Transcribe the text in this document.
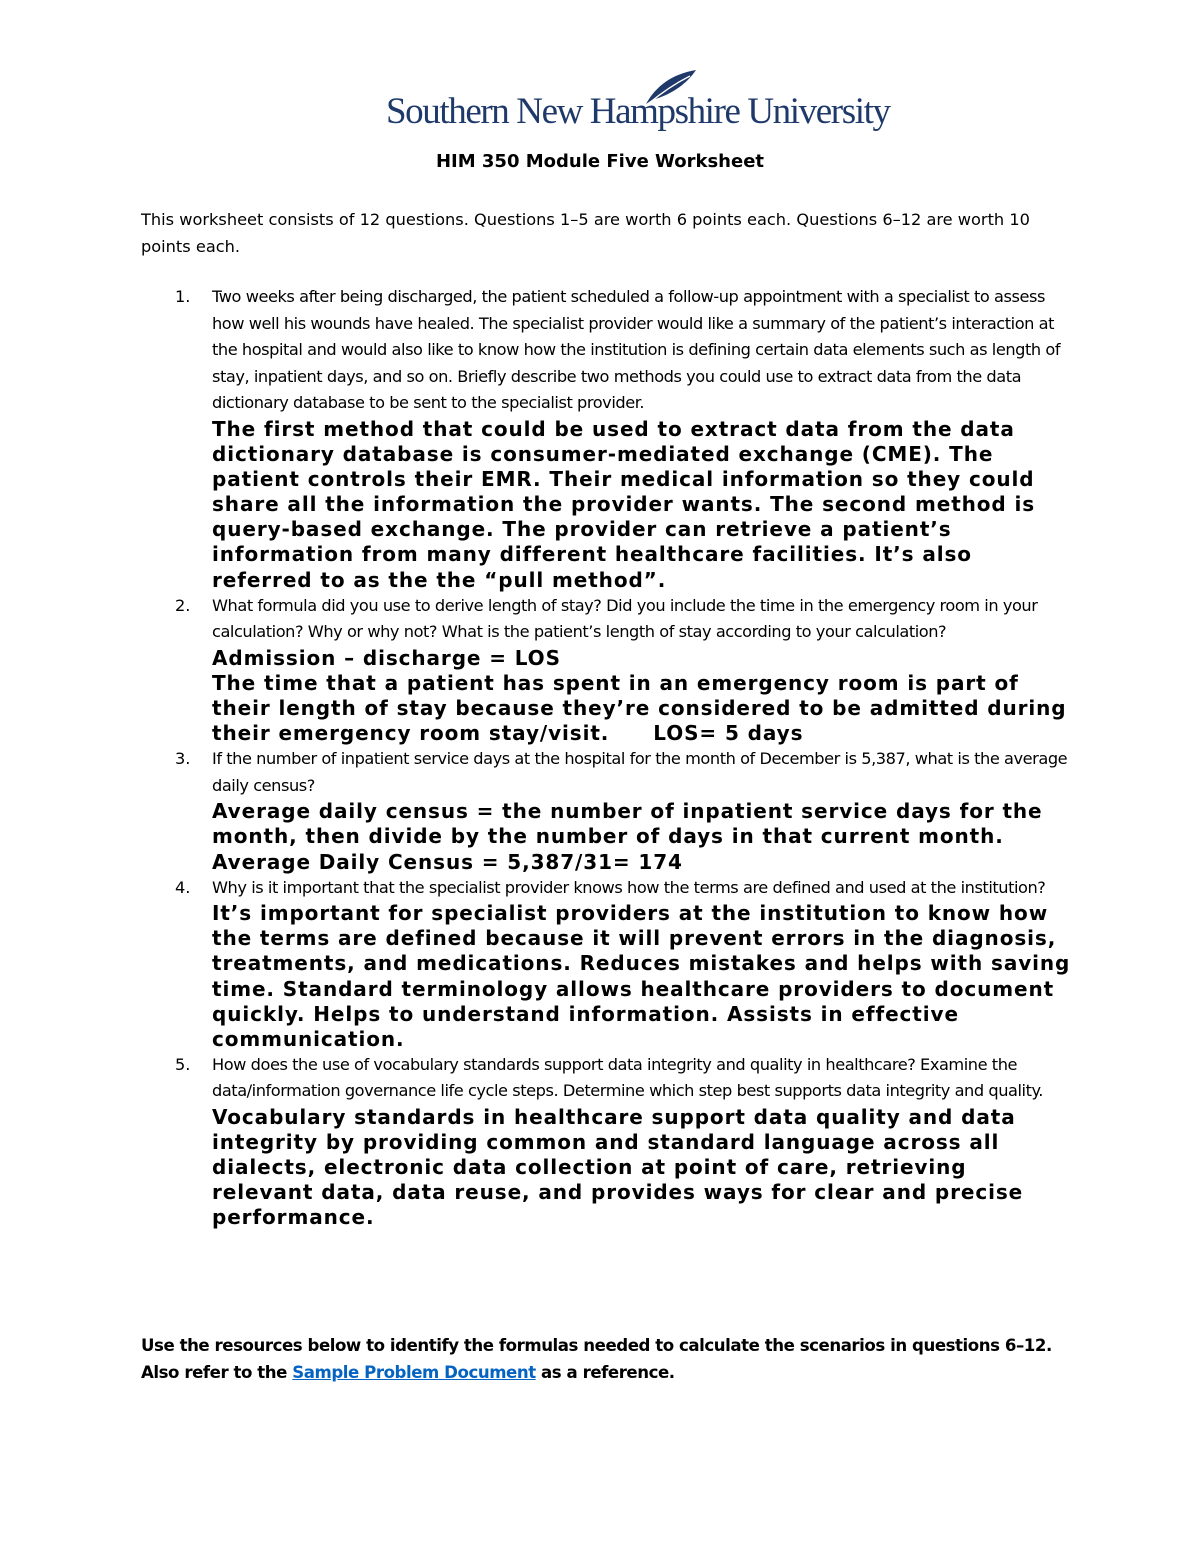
Southern New Hampshire University
HIM 350 Module Five Worksheet
This worksheet consists of 12 questions. Questions 1–5 are worth 6 points each. Questions 6–12 are worth 10 points each.
1. Two weeks after being discharged, the patient scheduled a follow-up appointment with a specialist to assess how well his wounds have healed. The specialist provider would like a summary of the patient’s interaction at the hospital and would also like to know how the institution is defining certain data elements such as length of stay, inpatient days, and so on. Briefly describe two methods you could use to extract data from the data dictionary database to be sent to the specialist provider.
The first method that could be used to extract data from the data dictionary database is consumer-mediated exchange (CME). The patient controls their EMR. Their medical information so they could share all the information the provider wants. The second method is query-based exchange. The provider can retrieve a patient’s information from many different healthcare facilities. It’s also referred to as the the “pull method”.
2. What formula did you use to derive length of stay? Did you include the time in the emergency room in your calculation? Why or why not? What is the patient’s length of stay according to your calculation?
Admission – discharge = LOS
The time that a patient has spent in an emergency room is part of their length of stay because they’re considered to be admitted during their emergency room stay/visit. LOS= 5 days
3. If the number of inpatient service days at the hospital for the month of December is 5,387, what is the average daily census?
Average daily census = the number of inpatient service days for the month, then divide by the number of days in that current month.
Average Daily Census = 5,387/31= 174
4. Why is it important that the specialist provider knows how the terms are defined and used at the institution?
It’s important for specialist providers at the institution to know how the terms are defined because it will prevent errors in the diagnosis, treatments, and medications. Reduces mistakes and helps with saving time. Standard terminology allows healthcare providers to document quickly. Helps to understand information. Assists in effective communication.
5. How does the use of vocabulary standards support data integrity and quality in healthcare? Examine the data/information governance life cycle steps. Determine which step best supports data integrity and quality.
Vocabulary standards in healthcare support data quality and data integrity by providing common and standard language across all dialects, electronic data collection at point of care, retrieving relevant data, data reuse, and provides ways for clear and precise performance.
Use the resources below to identify the formulas needed to calculate the scenarios in questions 6–12.
Also refer to the Sample Problem Document as a reference.
